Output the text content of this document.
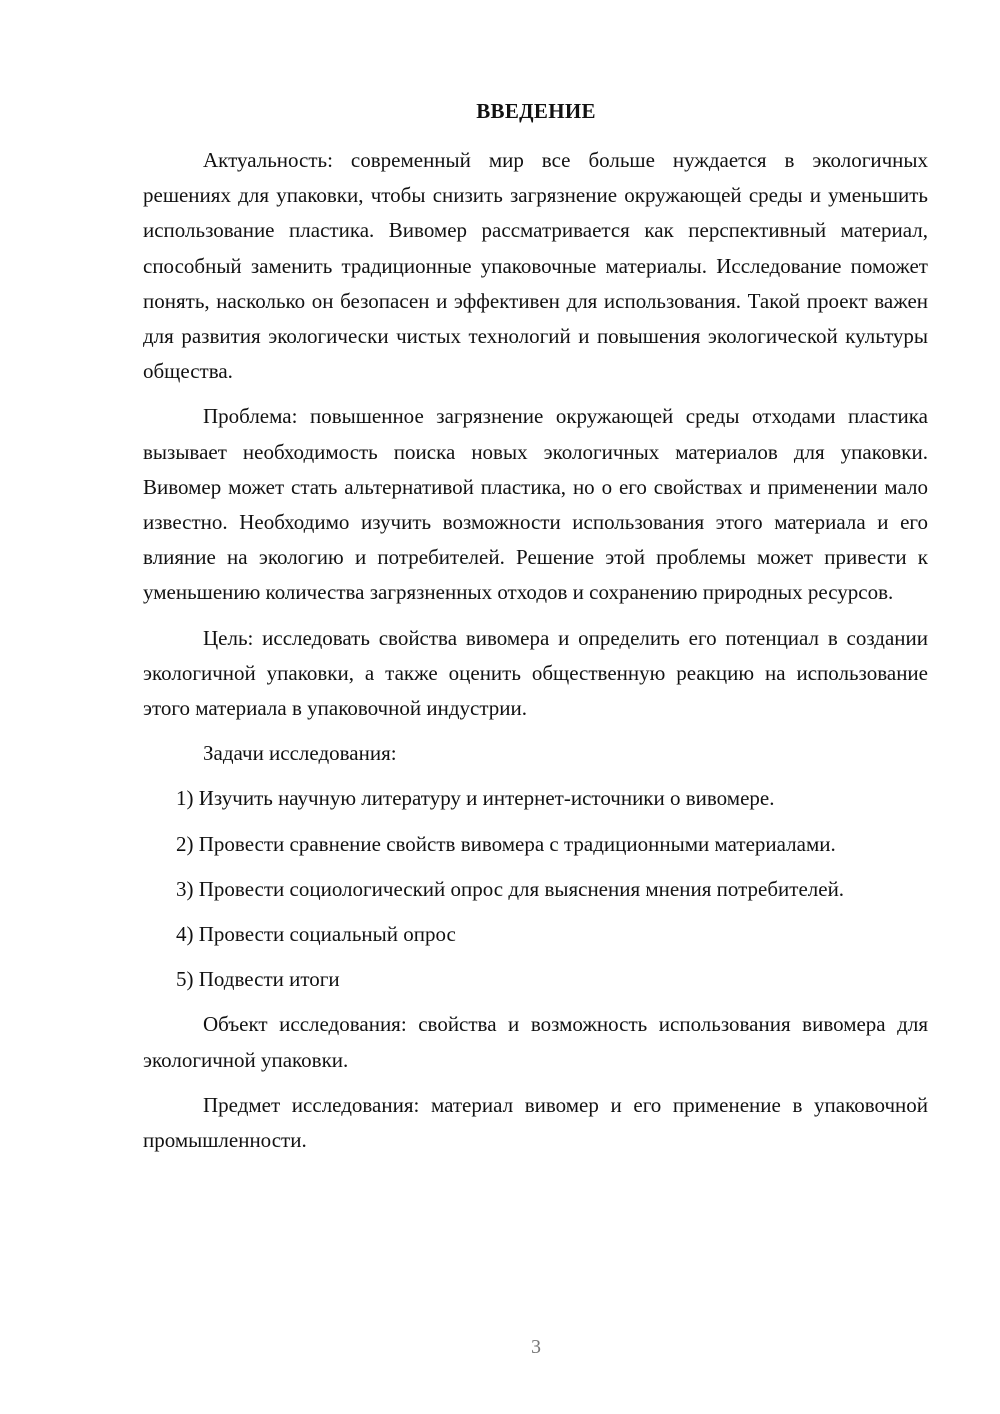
ВВЕДЕНИЕ

Актуальность: современный мир все больше нуждается в экологичных решениях для упаковки, чтобы снизить загрязнение окружающей среды и уменьшить использование пластика. Вивомер рассматривается как перспективный материал, способный заменить традиционные упаковочные материалы. Исследование поможет понять, насколько он безопасен и эффективен для использования. Такой проект важен для развития экологически чистых технологий и повышения экологической культуры общества.

Проблема: повышенное загрязнение окружающей среды отходами пластика вызывает необходимость поиска новых экологичных материалов для упаковки. Вивомер может стать альтернативой пластика, но о его свойствах и применении мало известно. Необходимо изучить возможности использования этого материала и его влияние на экологию и потребителей. Решение этой проблемы может привести к уменьшению количества загрязненных отходов и сохранению природных ресурсов.

Цель: исследовать свойства вивомера и определить его потенциал в создании экологичной упаковки, а также оценить общественную реакцию на использование этого материала в упаковочной индустрии.

Задачи исследования:

1) Изучить научную литературу и интернет-источники о вивомере.

2) Провести сравнение свойств вивомера с традиционными материалами.

3) Провести социологический опрос для выяснения мнения потребителей.

4) Провести социальный опрос

5) Подвести итоги

Объект исследования: свойства и возможность использования вивомера для экологичной упаковки.

Предмет исследования: материал вивомер и его применение в упаковочной промышленности.

3
